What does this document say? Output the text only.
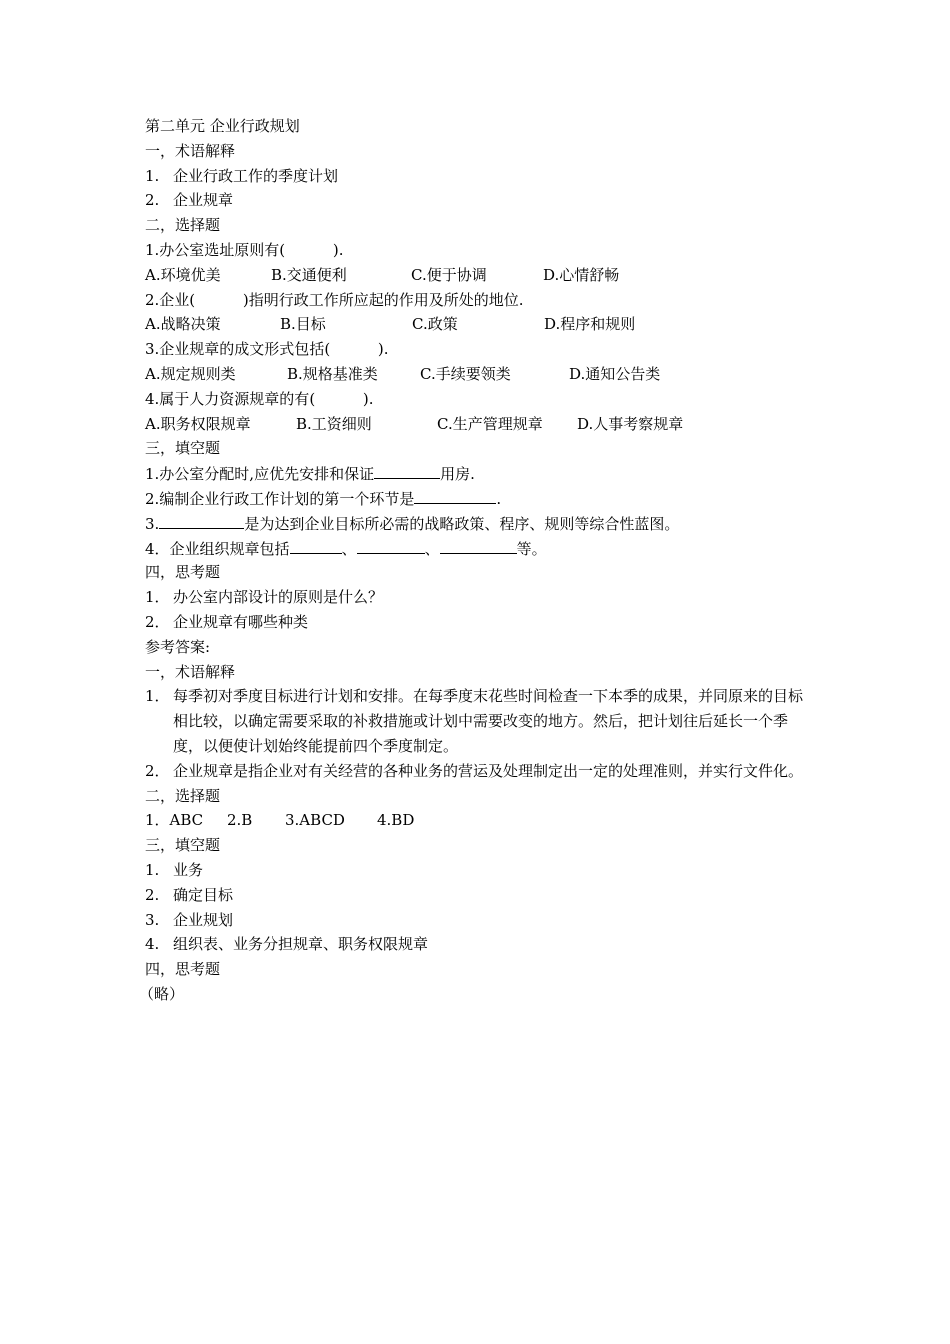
第二单元 企业行政规划
一，术语解释
1. 企业行政工作的季度计划
2. 企业规章
二，选择题
1.办公室选址原则有(          ).
A.环境优美	B.交通便利	C.便于协调	D.心情舒畅
2.企业(          )指明行政工作所应起的作用及所处的地位.
A.战略决策	B.目标	C.政策	D.程序和规则
3.企业规章的成文形式包括(          ).
A.规定规则类	B.规格基准类	C.手续要领类	D.通知公告类
4.属于人力资源规章的有(          ).
A.职务权限规章	B.工资细则	C.生产管理规章 D.人事考察规章
三，填空题
1.办公室分配时,应优先安排和保证	用房.
2.编制企业行政工作计划的第一个环节是	.
3.	是为达到企业目标所必需的战略政策、程序、规则等综合性蓝图。
4．企业组织规章包括	、	、	等。
四，思考题
1． 办公室内部设计的原则是什么？
2． 企业规章有哪些种类
参考答案:
一，术语解释
1． 每季初对季度目标进行计划和安排。在每季度末花些时间检查一下本季的成果，并同原来的目标相比较，以确定需要采取的补救措施或计划中需要改变的地方。然后，把计划往后延长一个季度，以便使计划始终能提前四个季度制定。
2． 企业规章是指企业对有关经营的各种业务的营运及处理制定出一定的处理准则，并实行文件化。
二，选择题
1．ABC 2.B 3.ABCD 4.BD
三，填空题
1. 业务
2. 确定目标
3. 企业规划
4. 组织表、业务分担规章、职务权限规章
四，思考题
（略）
